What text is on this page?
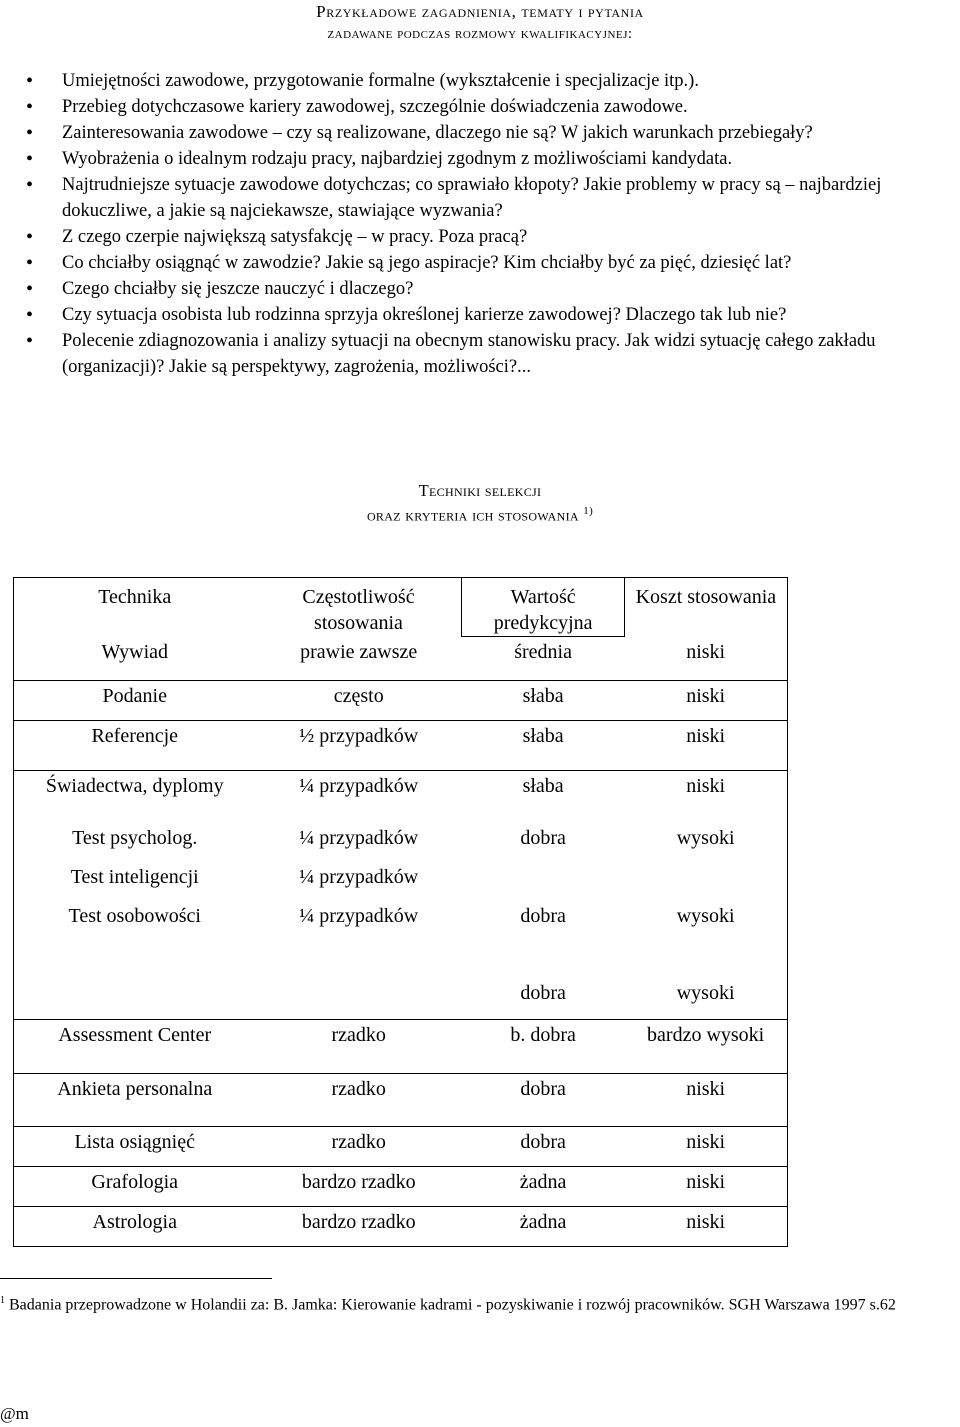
Przykładowe zagadnienia, tematy i pytania
zadawane podczas rozmowy kwalifikacyjnej:
• Umiejętności zawodowe, przygotowanie formalne (wykształcenie i specjalizacje itp.).
• Przebieg dotychczasowe kariery zawodowej, szczególnie doświadczenia zawodowe.
• Zainteresowania zawodowe – czy są realizowane, dlaczego nie są? W jakich warunkach przebiegały?
• Wyobrażenia o idealnym rodzaju pracy, najbardziej zgodnym z możliwościami kandydata.
• Najtrudniejsze sytuacje zawodowe dotychczas; co sprawiało kłopoty? Jakie problemy w pracy są – najbardziej dokuczliwe, a jakie są najciekawsze, stawiające wyzwania?
• Z czego czerpie największą satysfakcję – w pracy. Poza pracą?
• Co chciałby osiągnąć w zawodzie? Jakie są jego aspiracje? Kim chciałby być za pięć, dziesięć lat?
• Czego chciałby się jeszcze nauczyć i dlaczego?
• Czy sytuacja osobista lub rodzinna sprzyja określonej karierze zawodowej? Dlaczego tak lub nie?
• Polecenie zdiagnozowania i analizy sytuacji na obecnym stanowisku pracy. Jak widzi sytuację całego zakładu (organizacji)? Jakie są perspektywy, zagrożenia, możliwości?...
Techniki selekcji
oraz kryteria ich stosowania $^{1)}$
Technika	Częstotliwość stosowania	Wartość predykcyjna	Koszt stosowania
Wywiad	prawie zawsze	średnia	niski
Podanie	często	słaba	niski
Referencje	½ przypadków	słaba	niski
Świadectwa, dyplomy	¼ przypadków	słaba	niski
Test psycholog.	¼ przypadków	dobra	wysoki
Test inteligencji	¼ przypadków		
Test osobowości	¼ przypadków	dobra	wysoki
		dobra	wysoki
Assessment Center	rzadko	b. dobra	bardzo wysoki
Ankieta personalna	rzadko	dobra	niski
Lista osiągnięć	rzadko	dobra	niski
Grafologia	bardzo rzadko	żadna	niski
Astrologia	bardzo rzadko	żadna	niski
$^1$ Badania przeprowadzone w Holandii za: B. Jamka: Kierowanie kadrami - pozyskiwanie i rozwój pracowników. SGH Warszawa 1997 s.62
@m
